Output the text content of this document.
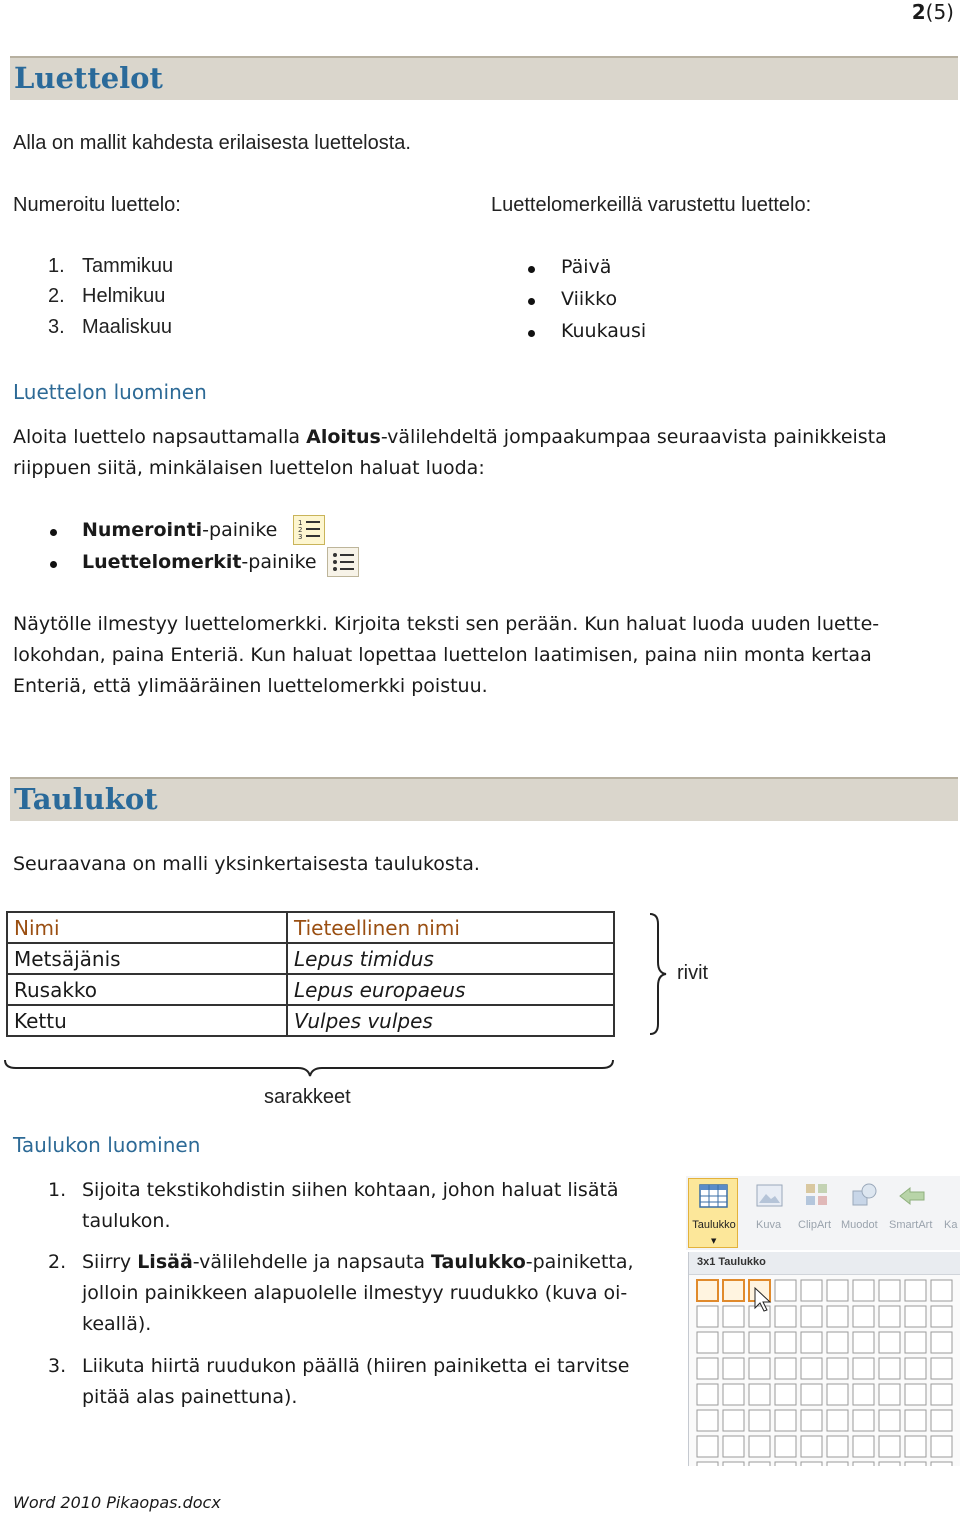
2(5)
Luettelot
Alla on mallit kahdesta erilaisesta luettelosta.
Numeroitu luettelo:	Luettelomerkeillä varustettu luettelo:
1. Tammikuu
2. Helmikuu
3. Maaliskuu
Päivä
Viikko
Kuukausi
Luettelon luominen
Aloita luettelo napsauttamalla Aloitus-välilehdeltä jompaakumpaa seuraavista painikkeista
riippuen siitä, minkälaisen luettelon haluat luoda:
Numerointi-painike	1
2
3
Luettelomerkit-painike
Näytölle ilmestyy luettelomerkki. Kirjoita teksti sen perään. Kun haluat luoda uuden luette-
lokohdan, paina Enteriä. Kun haluat lopettaa luettelon laatimisen, paina niin monta kertaa
Enteriä, että ylimääräinen luettelomerkki poistuu.
Taulukot
Seuraavana on malli yksinkertaisesta taulukosta.
Nimi	Tieteellinen nimi
Metsäjänis	Lepus timidus
Rusakko	Lepus europaeus
Kettu	Vulpes vulpes
rivit
sarakkeet
Taulukon luominen
1. Sijoita tekstikohdistin siihen kohtaan, johon haluat lisätä
taulukon.
2. Siirry Lisää-välilehdelle ja napsauta Taulukko-painiketta,
jolloin painikkeen alapuolelle ilmestyy ruudukko (kuva oi-
keallä).
3. Liikuta hiirtä ruudukon päällä (hiiren painiketta ei tarvitse
pitää alas painettuna).
Taulukko
▼
Kuva ClipArt Muodot SmartArt Ka
3x1 Taulukko
Word 2010 Pikaopas.docx
